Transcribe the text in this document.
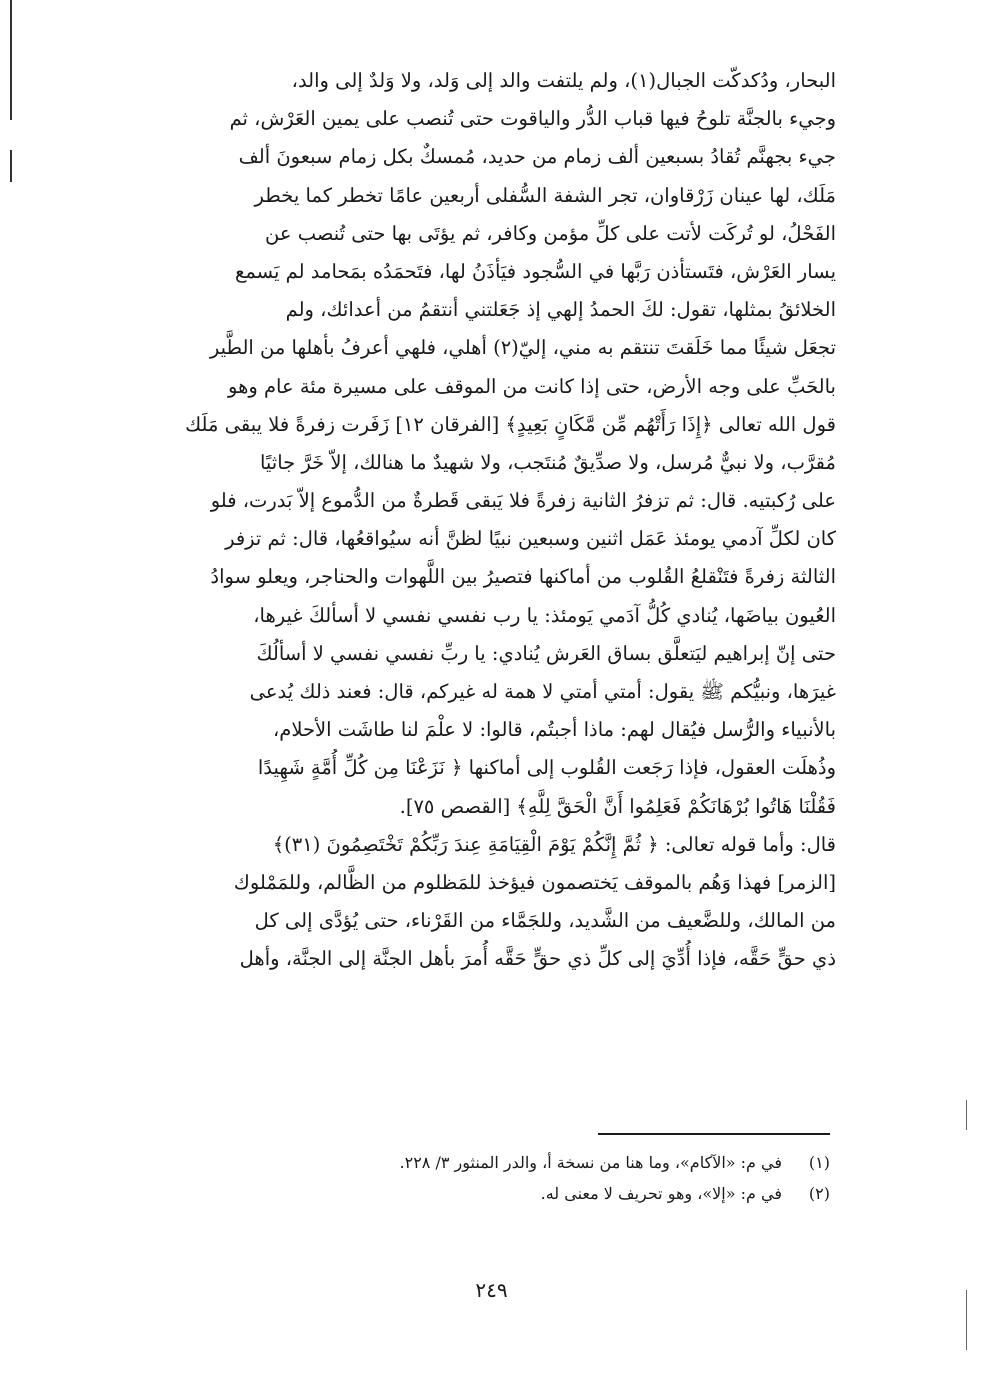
البحار، ودُكدكّت الجبال(١)، ولم يلتفت والد إلى وَلد، ولا وَلدٌ إلى والد،
وجيء بالجنَّة تلوحُ فيها قباب الدُّر والياقوت حتى تُنصب على يمين العَرْش، ثم
جيء بجهنَّم تُقادُ بسبعين ألف زمام من حديد، مُمسكٌ بكل زمام سبعونَ ألف
مَلَك، لها عينان زَرْقاوان، تجر الشفة السُّفلى أربعين عامًا تخطر كما يخطر
الفَحْلُ، لو تُركَت لأتت على كلِّ مؤمن وكافر، ثم يؤتَى بها حتى تُنصب عن
يسار العَرْش، فتَستأذن رَبَّها في السُّجود فيَأذَنُ لها، فتَحمَدُه بمَحامد لم يَسمع
الخلائقُ بمثلها، تقول: لكَ الحمدُ إلهي إذ جَعَلتني أنتقمُ من أعدائك، ولم
تجعَل شيئًا مما خَلَقتَ تنتقم به مني، إليّ(٢) أهلي، فلهي أعرفُ بأهلها من الطَّير
بالحَبِّ على وجه الأرض، حتى إذا كانت من الموقف على مسيرة مئة عام وهو
قول الله تعالى ﴿إِذَا رَأَتْهُم مِّن مَّكَانٍ بَعِيدٍ﴾ [الفرقان ١٢] زَفَرت زفرةً فلا يبقى مَلَك
مُقرَّب، ولا نبيٌّ مُرسل، ولا صدِّيقٌ مُنتَجب، ولا شهيدٌ ما هنالك، إلاّ خَرَّ جاثيًا
على رُكبتيه. قال: ثم تزفرُ الثانية زفرةً فلا يَبقى قَطرةٌ من الدُّموع إلاّ بَدرت، فلو
كان لكلِّ آدمي يومئذ عَمَل اثنين وسبعين نبيًا لظنَّ أنه سيُواقعُها، قال: ثم تزفر
الثالثة زفرةً فتَنْقلعُ القُلوب من أماكنها فتصيرُ بين اللَّهوات والحناجر، ويعلو سوادُ
العُيون بياضَها، يُنادي كُلُّ آدَمي يَومئذ: يا رب نفسي نفسي لا أسألكَ غيرها،
حتى إنّ إبراهيم ليَتعلَّق بساق العَرش يُنادي: يا ربِّ نفسي نفسي لا أسألُكَ
غيرَها، ونبيُّكم ﷺ يقول: أمتي أمتي لا همة له غيركم، قال: فعند ذلك يُدعى
بالأنبياء والرُّسل فيُقال لهم: ماذا أجبتُم، قالوا: لا علْمَ لنا طاشَت الأحلام،
وذُهلَت العقول، فإذا رَجَعت القُلوب إلى أماكنها ﴿ نَزَعْنَا مِن كُلِّ أُمَّةٍ شَهِيدًا
فَقُلْنَا هَاتُوا بُرْهَانَكُمْ فَعَلِمُوا أَنَّ الْحَقَّ لِلَّهِ﴾ [القصص ٧٥].
قال: وأما قوله تعالى: ﴿ ثُمَّ إِنَّكُمْ يَوْمَ الْقِيَامَةِ عِندَ رَبِّكُمْ تَخْتَصِمُونَ (٣١)﴾
[الزمر] فهذا وَهُم بالموقف يَختصمون فيؤخذ للمَظلوم من الظَّالم، وللمَمْلوك
من المالك، وللضَّعيف من الشَّديد، وللجَمَّاء من القَرْناء، حتى يُؤدَّى إلى كل
ذي حقٍّ حَقَّه، فإذا أُدِّيَ إلى كلِّ ذي حقٍّ حَقَّه أُمرَ بأهل الجنَّة إلى الجنَّة، وأهل
(١)في م: «الآكام»، وما هنا من نسخة أ، والدر المنثور ٣/ ٢٢٨.
(٢)في م: «إلا»، وهو تحريف لا معنى له.
٢٤٩
